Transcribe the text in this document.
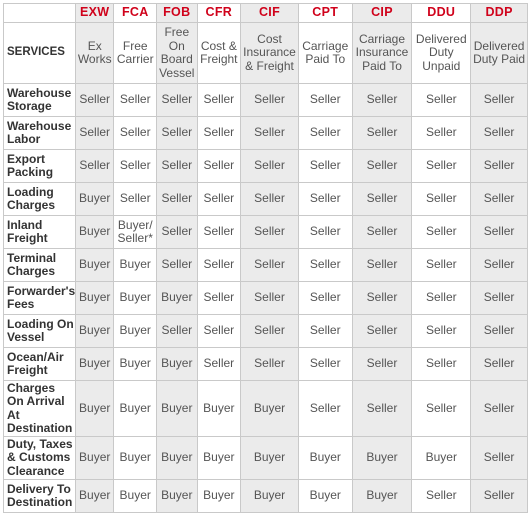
	EXW	FCA	FOB	CFR	CIF	CPT	CIP	DDU	DDP
SERVICES	Ex Works	Free Carrier	Free On Board Vessel	Cost & Freight	Cost Insurance & Freight	Carriage Paid To	Carriage Insurance Paid To	Delivered Duty Unpaid	Delivered Duty Paid
Warehouse Storage	Seller	Seller	Seller	Seller	Seller	Seller	Seller	Seller	Seller
Warehouse Labor	Seller	Seller	Seller	Seller	Seller	Seller	Seller	Seller	Seller
Export Packing	Seller	Seller	Seller	Seller	Seller	Seller	Seller	Seller	Seller
Loading Charges	Buyer	Seller	Seller	Seller	Seller	Seller	Seller	Seller	Seller
Inland Freight	Buyer	Buyer/ Seller*	Seller	Seller	Seller	Seller	Seller	Seller	Seller
Terminal Charges	Buyer	Buyer	Seller	Seller	Seller	Seller	Seller	Seller	Seller
Forwarder's Fees	Buyer	Buyer	Buyer	Seller	Seller	Seller	Seller	Seller	Seller
Loading On Vessel	Buyer	Buyer	Seller	Seller	Seller	Seller	Seller	Seller	Seller
Ocean/Air Freight	Buyer	Buyer	Buyer	Seller	Seller	Seller	Seller	Seller	Seller
Charges On Arrival At Destination	Buyer	Buyer	Buyer	Buyer	Buyer	Seller	Seller	Seller	Seller
Duty, Taxes & Customs Clearance	Buyer	Buyer	Buyer	Buyer	Buyer	Buyer	Buyer	Buyer	Seller
Delivery To Destination	Buyer	Buyer	Buyer	Buyer	Buyer	Buyer	Buyer	Seller	Seller
